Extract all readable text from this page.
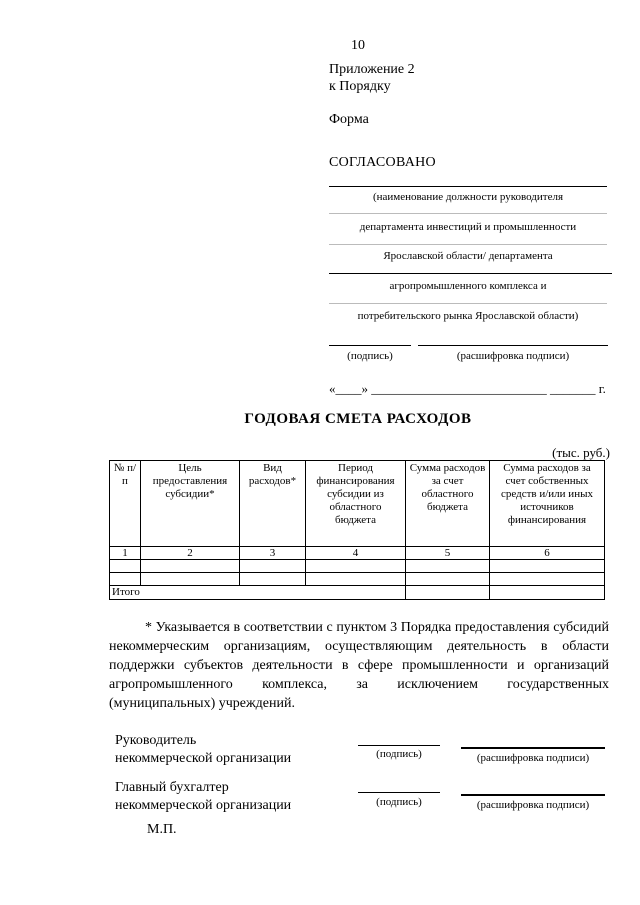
10
Приложение 2
к Порядку
Форма
СОГЛАСОВАНО
(наименование должности руководителя
департамента инвестиций и промышленности
Ярославской области/ департамента
агропромышленного комплекса и
потребительского рынка Ярославской области)
(подпись)	(расшифровка подписи)
«____» ___________________________ _______ г.
ГОДОВАЯ СМЕТА РАСХОДОВ
(тыс. руб.)
№ п/п	Цель предоставления субсидии*	Вид расходов*	Период финансирования субсидии из областного бюджета	Сумма расходов за счет областного бюджета	Сумма расходов за счет собственных средств и/или иных источников финансирования
1	2	3	4	5	6

Итого					
* Указывается в соответствии с пунктом 3 Порядка предоставления субсидий некоммерческим организациям, осуществляющим деятельность в области поддержки субъектов деятельности в сфере промышленности и организаций агропромышленного комплекса, за исключением государственных (муниципальных) учреждений.
Руководитель
некоммерческой организации	(подпись)	(расшифровка подписи)
Главный бухгалтер
некоммерческой организации	(подпись)	(расшифровка подписи)
М.П.
